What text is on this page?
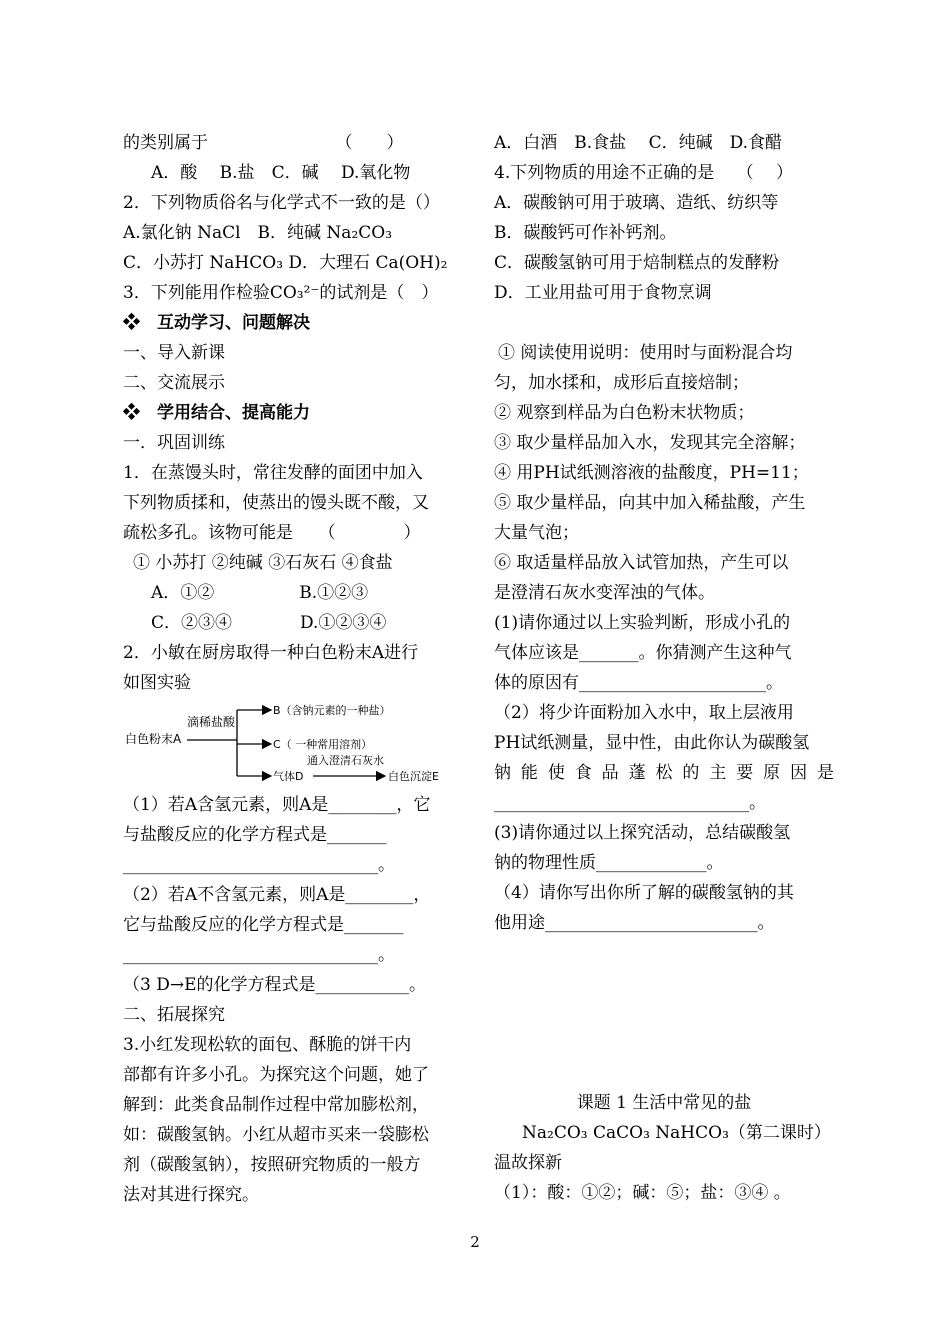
的类别属于　　　　　　　　（　　）
A．酸　 B.盐　C．碱　 D.氧化物
2．下列物质俗名与化学式不一致的是（）
A.氯化钠 NaCl　B．纯碱 Na₂CO₃
C．小苏打 NaHCO₃ D．大理石 Ca(OH)₂
3．下列能用作检验CO₃²⁻的试剂是（　）
❖　互动学习、问题解决
一、导入新课
二、交流展示
❖　学用结合、提高能力
一．巩固训练
1．在蒸馒头时，常往发酵的面团中加入
下列物质揉和，使蒸出的馒头既不酸，又
疏松多孔。该物可能是　　（　　　　）
① 小苏打 ②纯碱 ③石灰石 ④食盐
A．①②　　　　　B.①②③
C．②③④　　　　D.①②③④
2．小敏在厨房取得一种白色粉末A进行
如图实验
白色粉末A
滴稀盐酸
B（含钠元素的一种盐）
C（ 一种常用溶剂）
气体D
通入澄清石灰水
白色沉淀E
（1）若A含氢元素，则A是________，它
与盐酸反应的化学方程式是_______
______________________________。
（2）若A不含氢元素，则A是________，
它与盐酸反应的化学方程式是_______
______________________________。
（3 D→E的化学方程式是___________。
二、拓展探究
3.小红发现松软的面包、酥脆的饼干内
部都有许多小孔。为探究这个问题，她了
解到：此类食品制作过程中常加膨松剂，
如：碳酸氢钠。小红从超市买来一袋膨松
剂（碳酸氢钠），按照研究物质的一般方
法对其进行探究。
A．白酒　B.食盐　 C．纯碱　D.食醋
4.下列物质的用途不正确的是　 （　 ）
A．碳酸钠可用于玻璃、造纸、纺织等
B．碳酸钙可作补钙剂。
C．碳酸氢钠可用于焙制糕点的发酵粉
D．工业用盐可用于食物烹调
① 阅读使用说明：使用时与面粉混合均
匀，加水揉和，成形后直接焙制；
② 观察到样品为白色粉末状物质；
③ 取少量样品加入水，发现其完全溶解；
④ 用PH试纸测溶液的盐酸度，PH=11；
⑤ 取少量样品，向其中加入稀盐酸，产生
大量气泡；
⑥ 取适量样品放入试管加热，产生可以
是澄清石灰水变浑浊的气体。
(1)请你通过以上实验判断，形成小孔的
气体应该是_______。你猜测产生这种气
体的原因有______________________。
（2）将少许面粉加入水中，取上层液用
PH试纸测量，显中性，由此你认为碳酸氢
钠能使食品蓬松的主要原因是
______________________________。
(3)请你通过以上探究活动，总结碳酸氢
钠的物理性质_____________。
（4）请你写出你所了解的碳酸氢钠的其
他用途_________________________。
课题 1 生活中常见的盐
Na₂CO₃ CaCO₃ NaHCO₃（第二课时）
温故探新
（1）：酸：①②；碱：⑤；盐：③④ 。
2
